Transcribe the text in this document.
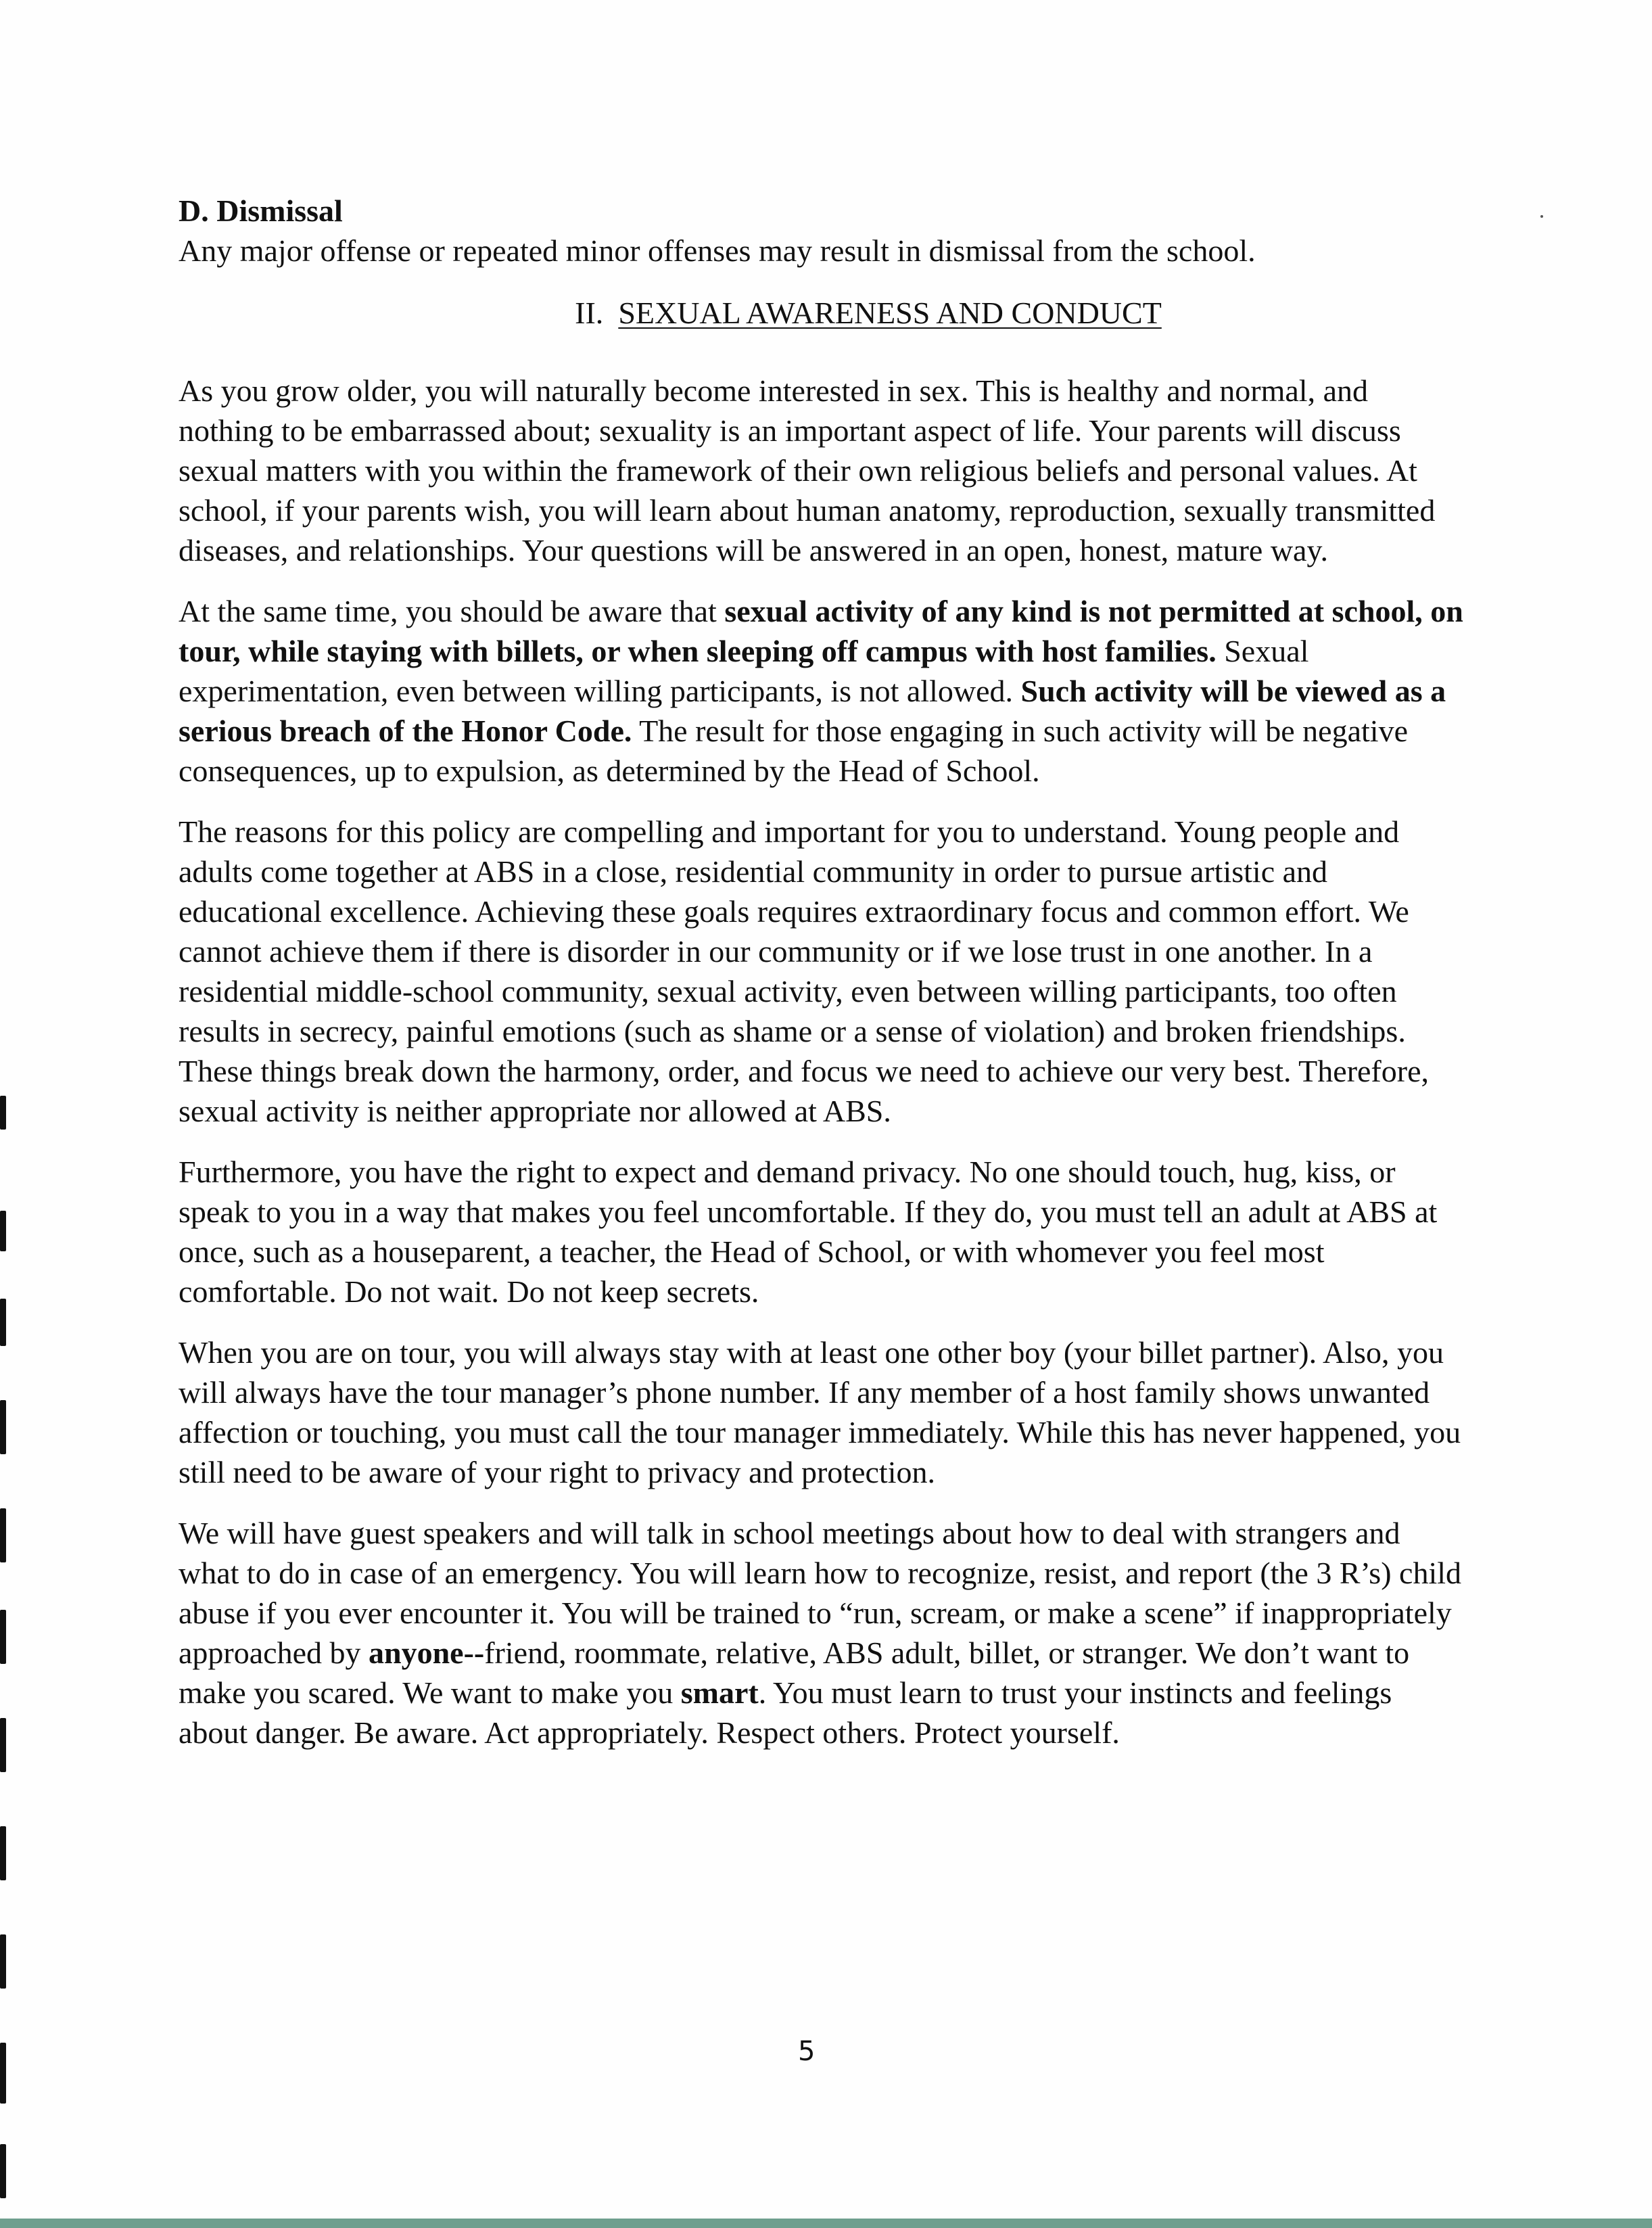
D. Dismissal

Any major offense or repeated minor offenses may result in dismissal from the school.

II. SEXUAL AWARENESS AND CONDUCT

As you grow older, you will naturally become interested in sex. This is healthy and normal, and nothing to be embarrassed about; sexuality is an important aspect of life. Your parents will discuss sexual matters with you within the framework of their own religious beliefs and personal values. At school, if your parents wish, you will learn about human anatomy, reproduction, sexually transmitted diseases, and relationships. Your questions will be answered in an open, honest, mature way.

At the same time, you should be aware that sexual activity of any kind is not permitted at school, on tour, while staying with billets, or when sleeping off campus with host families. Sexual experimentation, even between willing participants, is not allowed. Such activity will be viewed as a serious breach of the Honor Code. The result for those engaging in such activity will be negative consequences, up to expulsion, as determined by the Head of School.

The reasons for this policy are compelling and important for you to understand. Young people and adults come together at ABS in a close, residential community in order to pursue artistic and educational excellence. Achieving these goals requires extraordinary focus and common effort. We cannot achieve them if there is disorder in our community or if we lose trust in one another. In a residential middle-school community, sexual activity, even between willing participants, too often results in secrecy, painful emotions (such as shame or a sense of violation) and broken friendships. These things break down the harmony, order, and focus we need to achieve our very best. Therefore, sexual activity is neither appropriate nor allowed at ABS.

Furthermore, you have the right to expect and demand privacy. No one should touch, hug, kiss, or speak to you in a way that makes you feel uncomfortable. If they do, you must tell an adult at ABS at once, such as a houseparent, a teacher, the Head of School, or with whomever you feel most comfortable. Do not wait. Do not keep secrets.

When you are on tour, you will always stay with at least one other boy (your billet partner). Also, you will always have the tour manager’s phone number. If any member of a host family shows unwanted affection or touching, you must call the tour manager immediately. While this has never happened, you still need to be aware of your right to privacy and protection.

We will have guest speakers and will talk in school meetings about how to deal with strangers and what to do in case of an emergency. You will learn how to recognize, resist, and report (the 3 R’s) child abuse if you ever encounter it. You will be trained to “run, scream, or make a scene” if inappropriately approached by anyone--friend, roommate, relative, ABS adult, billet, or stranger. We don’t want to make you scared. We want to make you smart. You must learn to trust your instincts and feelings about danger. Be aware. Act appropriately. Respect others. Protect yourself.

5
